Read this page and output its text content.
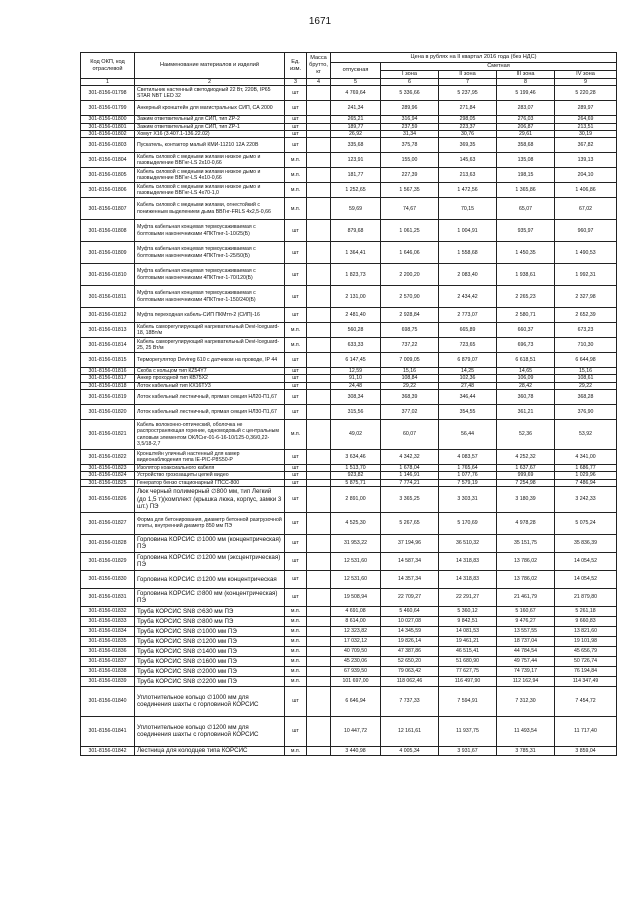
1671
Код ОКП, код отраслевой	Наименование материалов и изделий	Ед. изм.	Масса брутто, кг	Цена в рублях на II квартал 2016 года (без НДС)				
				отпускная	Сметная			
					I зона	II зона	III зона	IV зона
1	2	3	4	5	6	7	8	9
301-8156-01798	Светильник настенный светодиодный 22 Вт, 220В, IP65 STAR NBT LED 32	шт		4 769,64	5 336,66	5 237,95	5 199,46	5 220,28
301-8156-01799	Анкерный кронштейн для магистральных СИП, СА 2000	шт		241,34	289,96	271,84	283,07	289,97
301-8156-01800	Зажим ответвительный для СИП, тип ZP-2	шт		265,21	316,94	298,05	276,03	264,69
301-8156-01801	Зажим ответвительный для СИП, тип ZP-1	шт		189,77	237,59	223,37	206,87	213,51
301-8156-01802	Хомут Х16 (3.407.1-136.22.02)	шт		26,92	31,34	30,76	29,61	30,19
301-8156-01803	Пускатель, контактор малый КМИ-11210 12А 220В	шт		335,68	375,78	369,35	358,68	367,82
301-8156-01804	Кабель силовой с медными жилами низкое дымо и газовыделение ВВГнг-LS 2х10-0,66	м.п.		123,91	155,00	145,63	135,08	139,13
301-8156-01805	Кабель силовой с медными жилами низкое дымо и газовыделение ВВГнг-LS 4х10-0,66	м.п.		181,77	227,39	213,63	198,15	204,10
301-8156-01806	Кабель силовой с медными жилами низкое дымо и газовыделение ВВГнг-LS 4х70-1,0	м.п.		1 252,65	1 567,35	1 472,56	1 365,86	1 406,86
301-8156-01807	Кабель силовой с медными жилами, огнестойкий с пониженным выделением дыма ВВГнг-FRLS 4х2,5-0,66	м.п.		59,69	74,67	70,15	65,07	67,02
301-8156-01808	Муфта кабельная концевая термоусаживаемая с болтовыми наконечниками 4ПКТпнг-1-10/25(Б)	шт		879,68	1 061,25	1 004,91	935,97	960,97
301-8156-01809	Муфта кабельная концевая термоусаживаемая с болтовыми наконечниками 4ПКТпнг-1-25/50(Б)	шт		1 364,41	1 646,06	1 558,68	1 450,35	1 490,53
301-8156-01810	Муфта кабельная концевая термоусаживаемая с болтовыми наконечниками 4ПКТпнг-1-70/120(Б)	шт		1 823,73	2 200,20	2 083,40	1 938,61	1 992,31
301-8156-01811	Муфта кабельная концевая термоусаживаемая с болтовыми наконечниками 4ПКТпнг-1-150/240(Б)	шт		2 131,00	2 570,90	2 434,42	2 265,23	2 327,98
301-8156-01812	Муфта переходная кабель-СИП ПКМтп-2 (СИП)-16	шт		2 481,40	2 928,84	2 773,07	2 580,71	2 652,39
301-8156-01813	Кабель саморегулирующий нагревательный Devi-Iceguard-18, 18Вт/м	м.п.		560,28	698,75	665,89	660,37	673,23
301-8156-01814	Кабель саморегулирующий нагревательный Devi-Iceguard-25, 25 Вт/м	м.п.		633,33	737,22	723,65	696,73	710,30
301-8156-01815	Терморегулятор Devireg 610 с датчиком на проводе, IP 44	шт		6 147,45	7 009,05	6 879,07	6 618,51	6 644,98
301-8156-01816	Скоба с кольцом тип КZ54Y7	шт		12,59	15,16	14,25	14,65	15,16
301-8156-01817	Анкер проходной тип КВ75Х2	шт		91,10	108,84	102,36	106,09	108,61
301-8156-01818	Лоток кабельный тип КХ16ТУ3	шт		24,48	29,22	27,48	28,42	29,22
301-8156-01819	Лоток кабельный лестничный, прямая секция НЛ20-П1,67	шт		308,34	368,39	346,44	360,78	368,28
301-8156-01820	Лоток кабельный лестничный, прямая секция НЛ30-П1,67	шт		315,56	377,02	354,55	361,21	376,90
301-8156-01821	Кабель волоконно-оптический, оболочка не распространяющая горение, одномодовый с центральным силовым элементом ОКЛСнг-01-6-16-10/125-0,36/0,22-3,5/18-2,7	м.п.		49,02	60,07	56,44	52,36	53,92
301-8156-01822	Кронштейн уличный настенный для камер видеонаблюдения типа IE-PIC-P8S50-P	шт		3 634,46	4 342,32	4 083,57	4 252,32	4 341,00
301-8156-01823	Изолятор коаксиального кабеля	шт		1 513,70	1 678,04	1 765,64	1 637,67	1 686,77
301-8156-01824	Устройство грозозащиты цепей видео	шт		923,82	1 146,91	1 077,76	999,69	1 029,96
301-8156-01825	Генератор бензо стационарный ГПСС-800	шт		5 875,71	7 774,21	7 579,19	7 254,98	7 486,94
301-8156-01826	Люк черный полимерный ∅800 мм, тип Легкий (до 1,5 т)(комплект (крышка люка, корпус, замки 3 шт.) ПЭ	шт		2 891,00	3 365,25	3 303,31	3 180,39	3 242,33
301-8156-01827	Форма для бетонирования, диаметр бетонной разгрузочной плиты, внутренний диаметр 850 мм ПЭ	шт		4 525,30	5 267,65	5 170,69	4 978,28	5 075,24
301-8156-01828	Горловина КОРСИС ∅1000 мм (концентрическая) ПЭ	шт		31 953,22	37 194,96	36 510,32	35 151,75	35 836,39
301-8156-01829	Горловина КОРСИС ∅1200 мм (эксцентрическая) ПЭ	шт		12 531,60	14 587,34	14 318,83	13 786,02	14 054,52
301-8156-01830	Горловина КОРСИС ∅1200 мм концентрическая	шт		12 531,60	14 357,34	14 318,83	13 786,02	14 054,52
301-8156-01831	Горловина КОРСИС ∅800 мм (концентрическая) ПЭ	шт		19 508,94	22 709,27	22 291,27	21 461,79	21 879,80
301-8156-01832	Труба КОРСИС SN8 ∅630 мм ПЭ	м.п.		4 691,08	5 460,64	5 360,12	5 160,67	5 261,18
301-8156-01833	Труба КОРСИС SN8 ∅800 мм ПЭ	м.п.		8 614,00	10 027,08	9 842,51	9 476,27	9 660,83
301-8156-01834	Труба КОРСИС SN8 ∅1000 мм ПЭ	м.п.		12 323,82	14 345,59	14 081,53	13 557,55	13 821,60
301-8156-01835	Труба КОРСИС SN8 ∅1200 мм ПЭ	м.п.		17 032,12	19 826,14	19 461,21	18 737,04	19 101,98
301-8156-01836	Труба КОРСИС SN8 ∅1400 мм ПЭ	м.п.		40 709,50	47 387,86	46 515,41	44 784,54	45 656,79
301-8156-01837	Труба КОРСИС SN8 ∅1600 мм ПЭ	м.п.		45 230,06	52 650,20	51 680,90	49 757,44	50 726,74
301-8156-01838	Труба КОРСИС SN8 ∅2000 мм ПЭ	м.п.		67 939,50	79 063,42	77 627,75	74 739,17	76 194,84
301-8156-01839	Труба КОРСИС SN8 ∅2200 мм ПЭ	м.п.		101 697,00	118 062,46	116 497,90	112 162,94	114 347,49
301-8156-01840	Уплотнительное кольцо ∅1000 мм для соединения шахты с горловиной КОРСИС	шт		6 646,94	7 737,33	7 594,91	7 312,30	7 454,72
301-8156-01841	Уплотнительное кольцо ∅1200 мм для соединения шахты с горловиной КОРСИС	шт		10 447,72	12 161,61	11 937,75	11 493,54	11 717,40
301-8156-01842	Лестница для колодцев типа КОРСИС	м.п.		3 440,98	4 005,34	3 931,67	3 785,31	3 859,04
